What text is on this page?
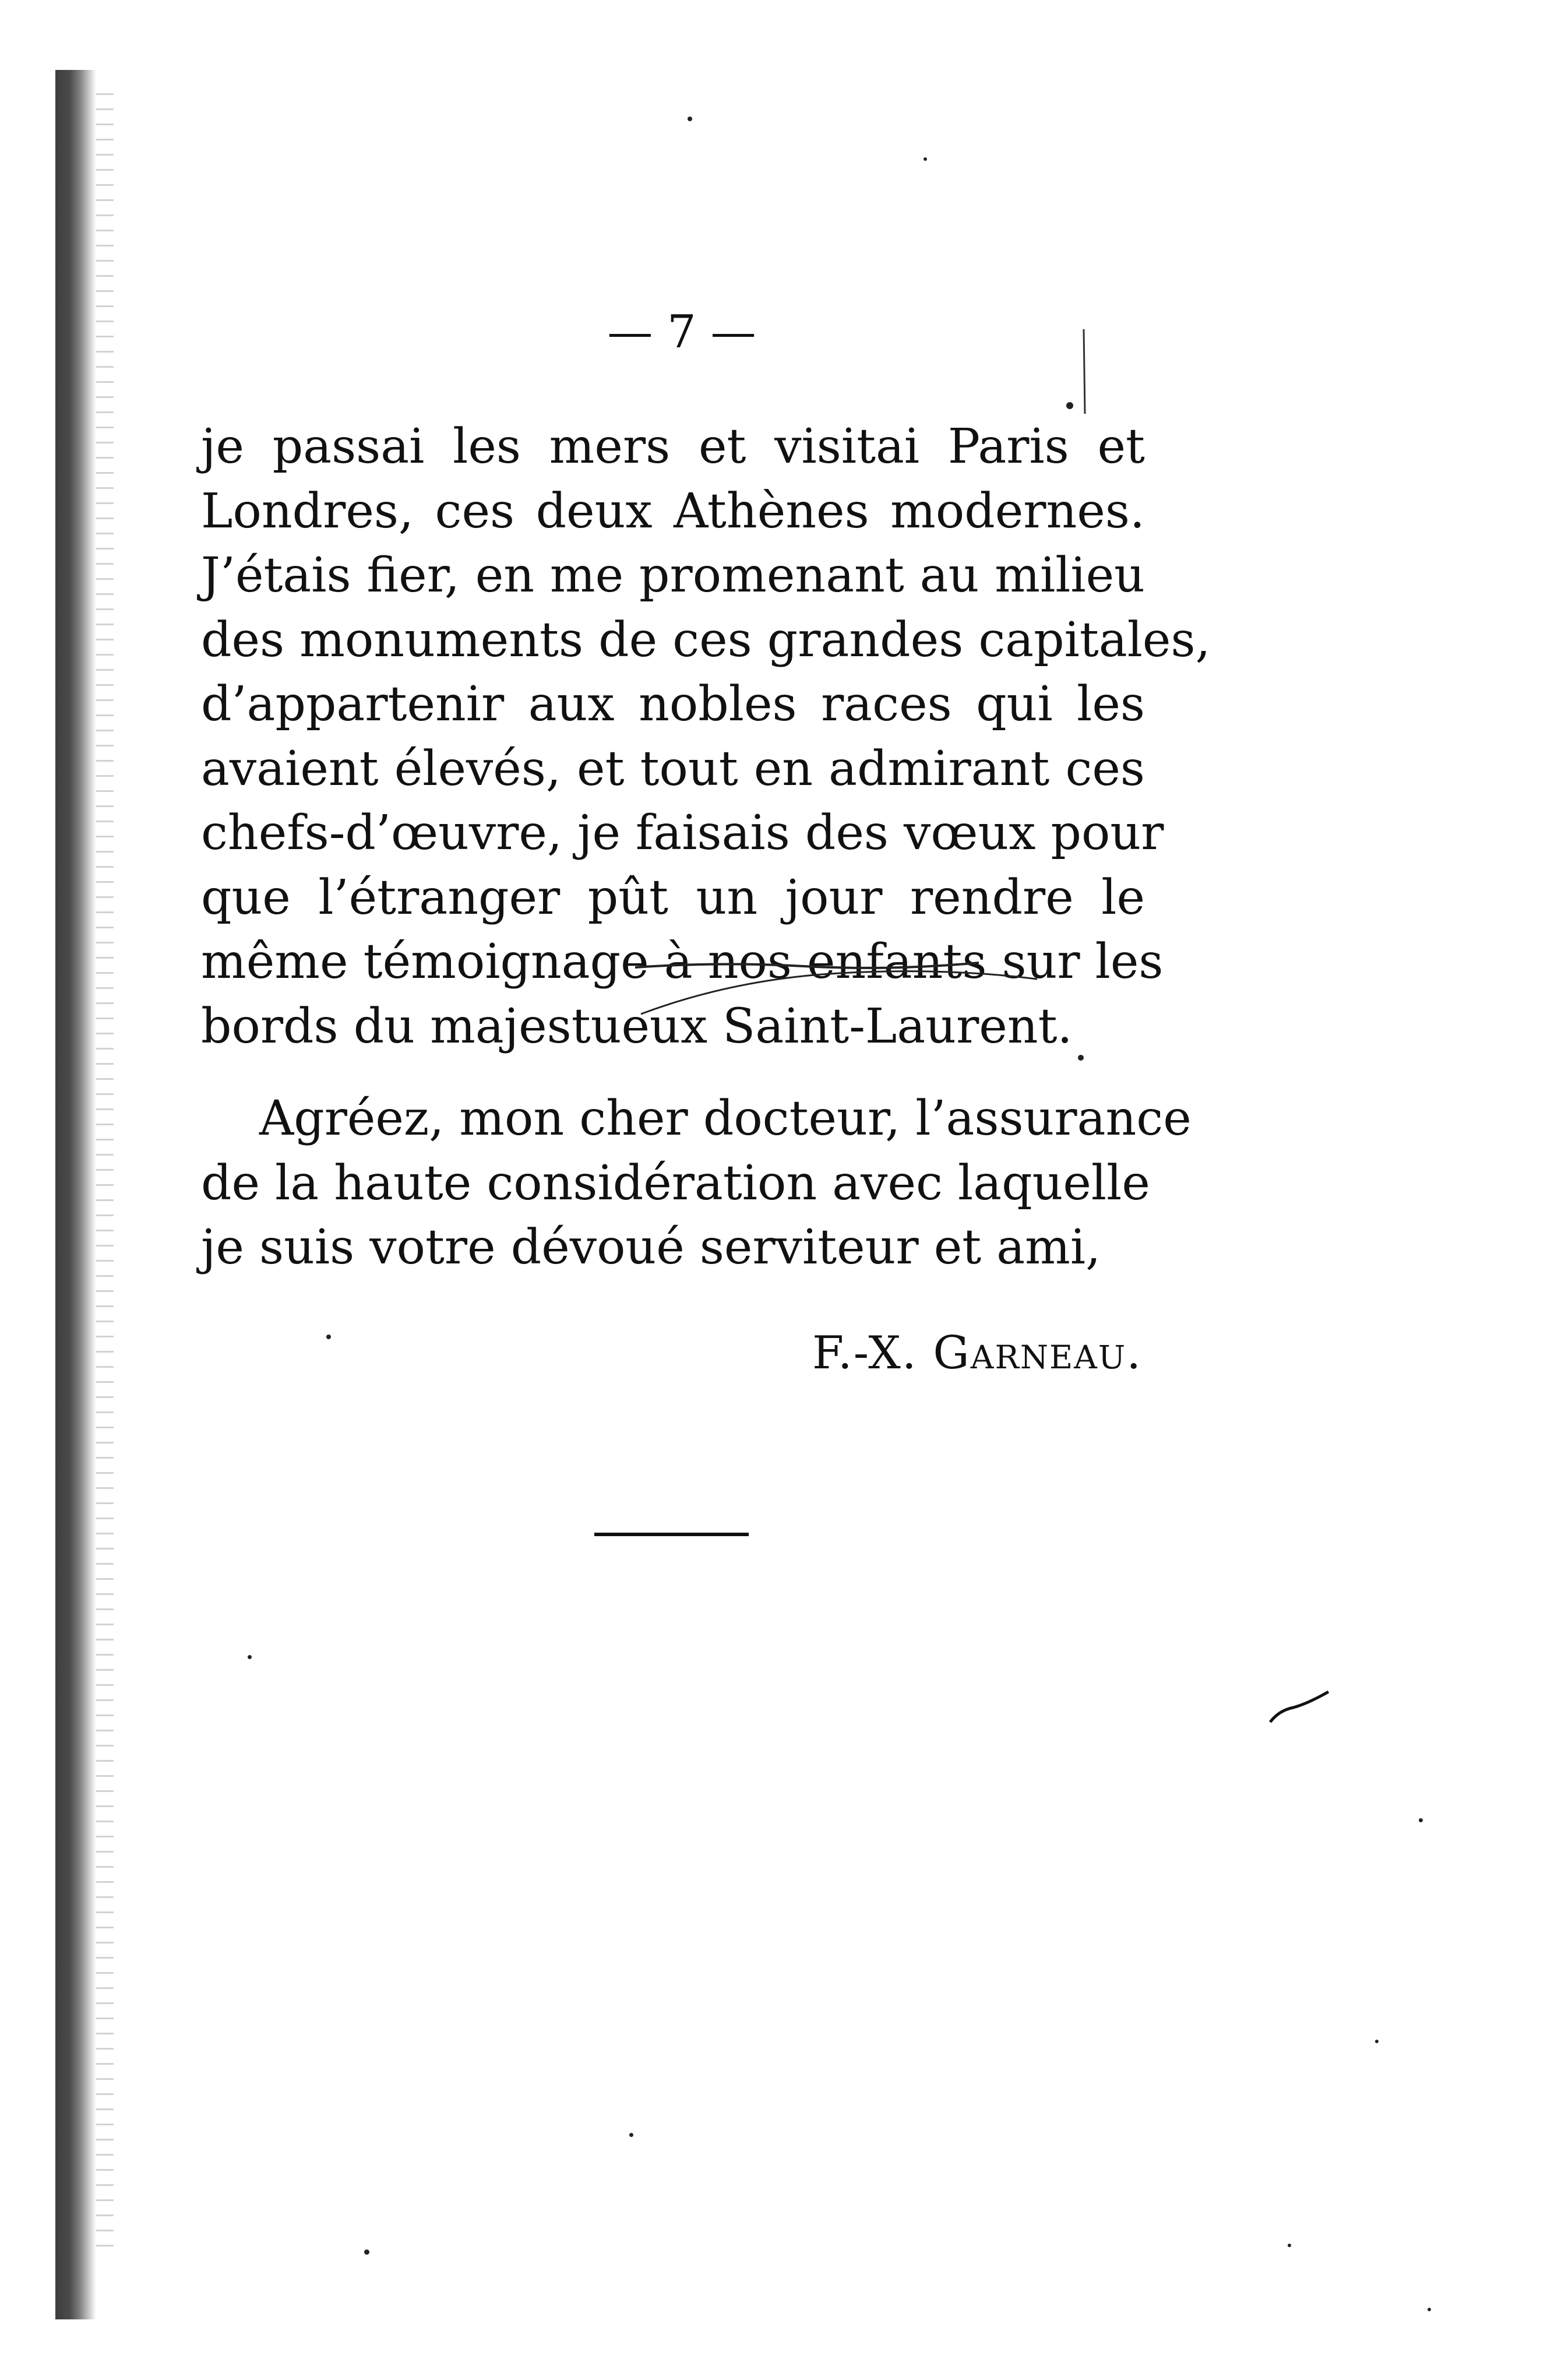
— 7 —
je passai les mers et visitai Paris et
Londres, ces deux Athènes modernes.
J’étais fier, en me promenant au milieu
des monuments de ces grandes capitales,
d’appartenir aux nobles races qui les
avaient élevés, et tout en admirant ces
chefs-d’œuvre, je faisais des vœux pour
que l’étranger pût un jour rendre le
même témoignage à nos enfants sur les
bords du majestueux Saint-Laurent.
Agréez, mon cher docteur, l’assurance
de la haute considération avec laquelle
je suis votre dévoué serviteur et ami,
F.-X. Garneau.
